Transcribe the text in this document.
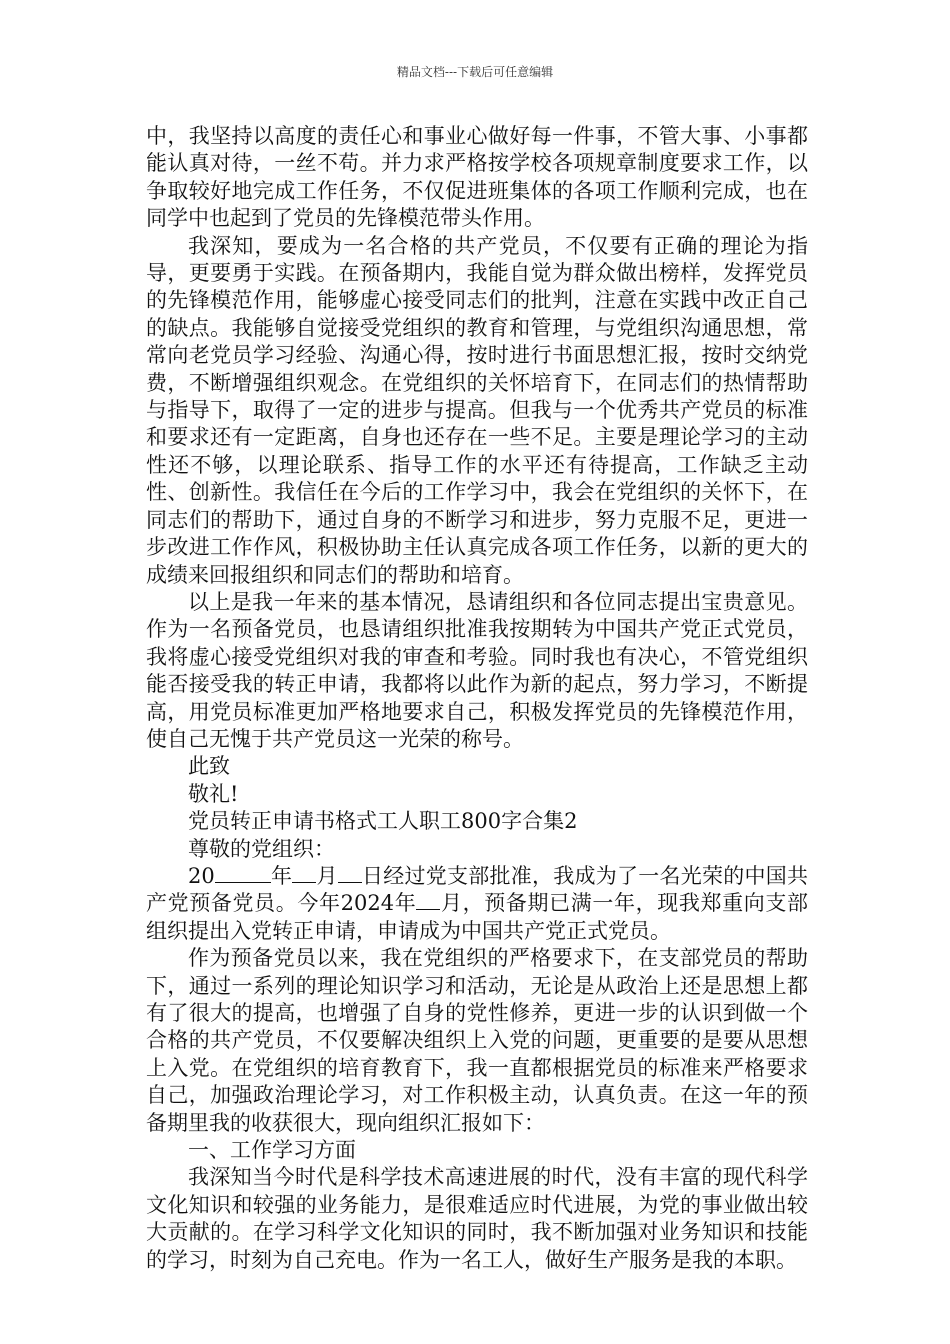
精品文档---下载后可任意编辑

中，我坚持以高度的责任心和事业心做好每一件事，不管大事、小事都能认真对待，一丝不苟。并力求严格按学校各项规章制度要求工作，以争取较好地完成工作任务，不仅促进班集体的各项工作顺利完成，也在同学中也起到了党员的先锋模范带头作用。

我深知，要成为一名合格的共产党员，不仅要有正确的理论为指导，更要勇于实践。在预备期内，我能自觉为群众做出榜样，发挥党员的先锋模范作用，能够虚心接受同志们的批判，注意在实践中改正自己的缺点。我能够自觉接受党组织的教育和管理，与党组织沟通思想，常常向老党员学习经验、沟通心得，按时进行书面思想汇报，按时交纳党费，不断增强组织观念。在党组织的关怀培育下，在同志们的热情帮助与指导下，取得了一定的进步与提高。但我与一个优秀共产党员的标准和要求还有一定距离，自身也还存在一些不足。主要是理论学习的主动性还不够，以理论联系、指导工作的水平还有待提高，工作缺乏主动性、创新性。我信任在今后的工作学习中，我会在党组织的关怀下，在同志们的帮助下，通过自身的不断学习和进步，努力克服不足，更进一步改进工作作风，积极协助主任认真完成各项工作任务，以新的更大的成绩来回报组织和同志们的帮助和培育。

以上是我一年来的基本情况，恳请组织和各位同志提出宝贵意见。作为一名预备党员，也恳请组织批准我按期转为中国共产党正式党员，我将虚心接受党组织对我的审查和考验。同时我也有决心，不管党组织能否接受我的转正申请，我都将以此作为新的起点，努力学习，不断提高，用党员标准更加严格地要求自己，积极发挥党员的先锋模范作用，使自己无愧于共产党员这一光荣的称号。

此致

敬礼!

党员转正申请书格式工人职工800字合集2

尊敬的党组织：

20	年 月 日经过党支部批准，我成为了一名光荣的中国共产党预备党员。今年2024年 月，预备期已满一年，现我郑重向支部组织提出入党转正申请，申请成为中国共产党正式党员。

作为预备党员以来，我在党组织的严格要求下，在支部党员的帮助下，通过一系列的理论知识学习和活动，无论是从政治上还是思想上都有了很大的提高，也增强了自身的党性修养，更进一步的认识到做一个合格的共产党员，不仅要解决组织上入党的问题，更重要的是要从思想上入党。在党组织的培育教育下，我一直都根据党员的标准来严格要求自己，加强政治理论学习，对工作积极主动，认真负责。在这一年的预备期里我的收获很大，现向组织汇报如下：

一、工作学习方面

我深知当今时代是科学技术高速进展的时代，没有丰富的现代科学文化知识和较强的业务能力，是很难适应时代进展，为党的事业做出较大贡献的。在学习科学文化知识的同时，我不断加强对业务知识和技能的学习，时刻为自己充电。作为一名工人，做好生产服务是我的本职。
